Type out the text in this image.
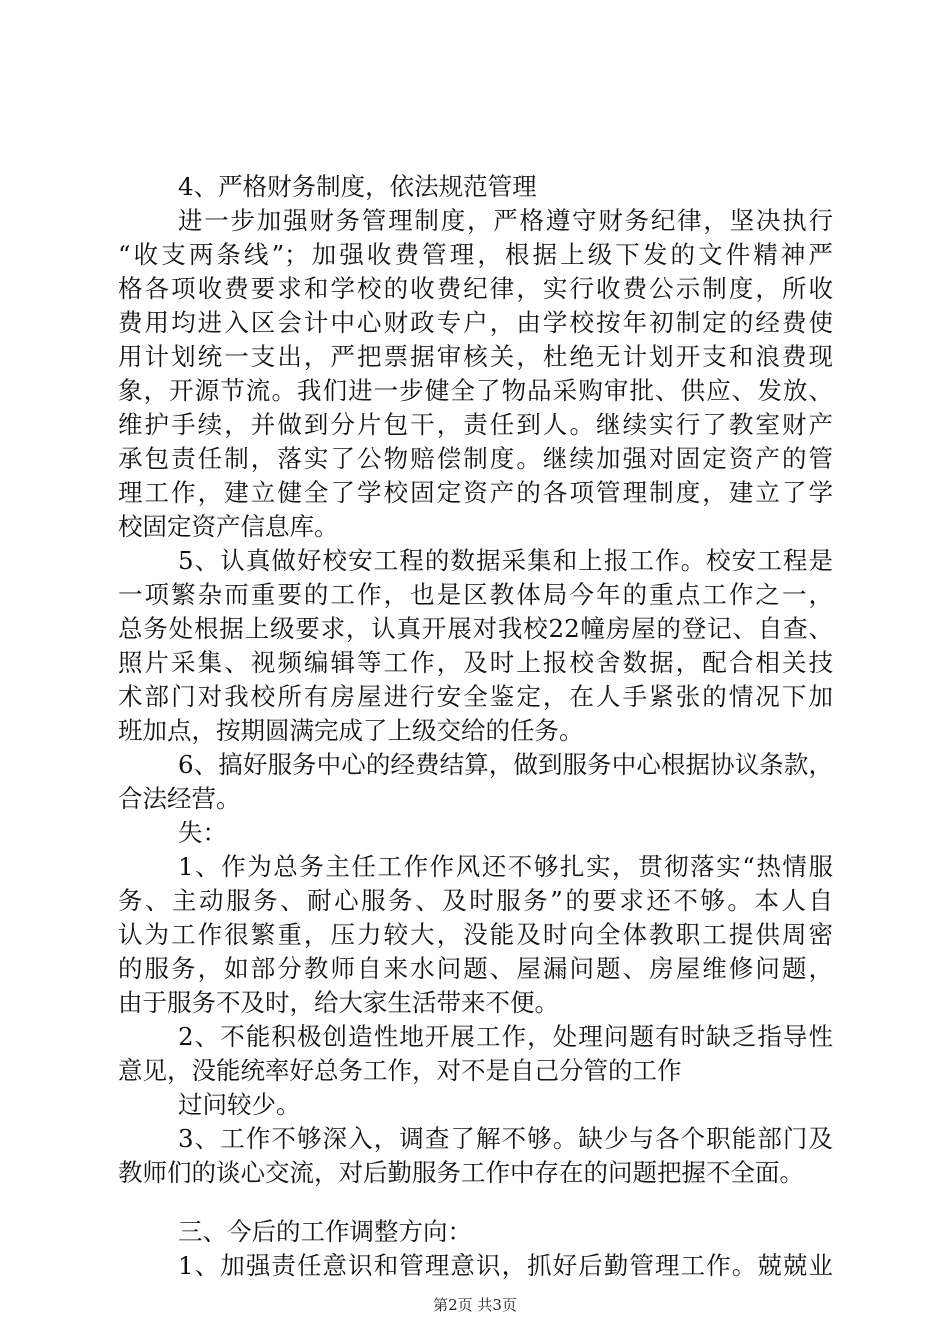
4、严格财务制度，依法规范管理
进一步加强财务管理制度，严格遵守财务纪律，坚决执行
“收支两条线”；加强收费管理，根据上级下发的文件精神严
格各项收费要求和学校的收费纪律，实行收费公示制度，所收
费用均进入区会计中心财政专户，由学校按年初制定的经费使
用计划统一支出，严把票据审核关，杜绝无计划开支和浪费现
象，开源节流。我们进一步健全了物品采购审批、供应、发放、
维护手续，并做到分片包干，责任到人。继续实行了教室财产
承包责任制，落实了公物赔偿制度。继续加强对固定资产的管
理工作，建立健全了学校固定资产的各项管理制度，建立了学
校固定资产信息库。
5、认真做好校安工程的数据采集和上报工作。校安工程是
一项繁杂而重要的工作，也是区教体局今年的重点工作之一，
总务处根据上级要求，认真开展对我校22幢房屋的登记、自查、
照片采集、视频编辑等工作，及时上报校舍数据，配合相关技
术部门对我校所有房屋进行安全鉴定，在人手紧张的情况下加
班加点，按期圆满完成了上级交给的任务。
6、搞好服务中心的经费结算，做到服务中心根据协议条款，
合法经营。
失：
1、作为总务主任工作作风还不够扎实，贯彻落实“热情服
务、主动服务、耐心服务、及时服务”的要求还不够。本人自
认为工作很繁重，压力较大，没能及时向全体教职工提供周密
的服务，如部分教师自来水问题、屋漏问题、房屋维修问题，
由于服务不及时，给大家生活带来不便。
2、不能积极创造性地开展工作，处理问题有时缺乏指导性
意见，没能统率好总务工作，对不是自己分管的工作
过问较少。
3、工作不够深入，调查了解不够。缺少与各个职能部门及
教师们的谈心交流，对后勤服务工作中存在的问题把握不全面。
三、今后的工作调整方向：
1、加强责任意识和管理意识，抓好后勤管理工作。兢兢业
第2页 共3页
